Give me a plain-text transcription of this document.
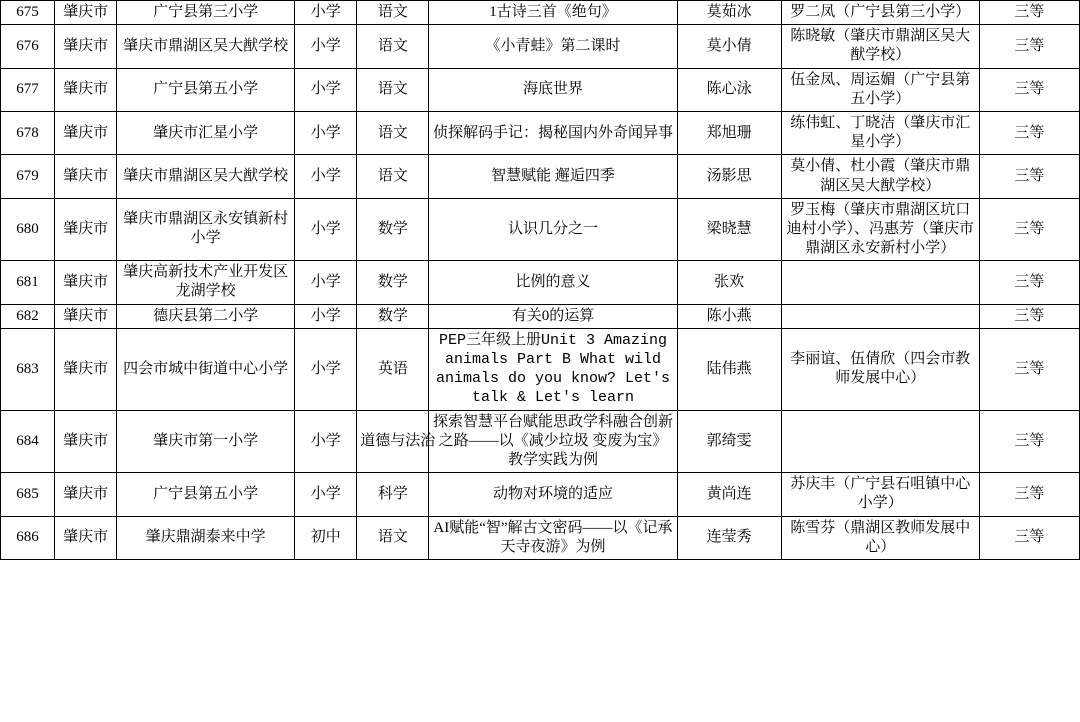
675	肇庆市	广宁县第三小学	小学	语文	1古诗三首《绝句》	莫茹冰	罗二凤（广宁县第三小学）	三等
676	肇庆市	肇庆市鼎湖区吴大猷学校	小学	语文	《小青蛙》第二课时	莫小倩	陈晓敏（肇庆市鼎湖区吴大猷学校）	三等
677	肇庆市	广宁县第五小学	小学	语文	海底世界	陈心泳	伍金凤、周运媚（广宁县第五小学）	三等
678	肇庆市	肇庆市汇星小学	小学	语文	侦探解码手记：揭秘国内外奇闻异事	郑旭珊	练伟虹、丁晓洁（肇庆市汇星小学）	三等
679	肇庆市	肇庆市鼎湖区吴大猷学校	小学	语文	智慧赋能 邂逅四季	汤影思	莫小倩、杜小霞（肇庆市鼎湖区吴大猷学校）	三等
680	肇庆市	肇庆市鼎湖区永安镇新村小学	小学	数学	认识几分之一	梁晓慧	罗玉梅（肇庆市鼎湖区坑口迪村小学）、冯惠芳（肇庆市鼎湖区永安新村小学）	三等
681	肇庆市	肇庆高新技术产业开发区龙湖学校	小学	数学	比例的意义	张欢		三等
682	肇庆市	德庆县第二小学	小学	数学	有关0的运算	陈小燕		三等
683	肇庆市	四会市城中街道中心小学	小学	英语	PEP三年级上册Unit 3 Amazing animals Part B What wild animals do you know? Let's talk & Let's learn	陆伟燕	李丽谊、伍倩欣（四会市教师发展中心）	三等
684	肇庆市	肇庆市第一小学	小学	道德与法治	探索智慧平台赋能思政学科融合创新之路——以《减少垃圾 变废为宝》教学实践为例	郭绮雯		三等
685	肇庆市	广宁县第五小学	小学	科学	动物对环境的适应	黄尚连	苏庆丰（广宁县石咀镇中心小学）	三等
686	肇庆市	肇庆鼎湖泰来中学	初中	语文	AI赋能“智”解古文密码——以《记承天寺夜游》为例	连莹秀	陈雪芬（鼎湖区教师发展中心）	三等
